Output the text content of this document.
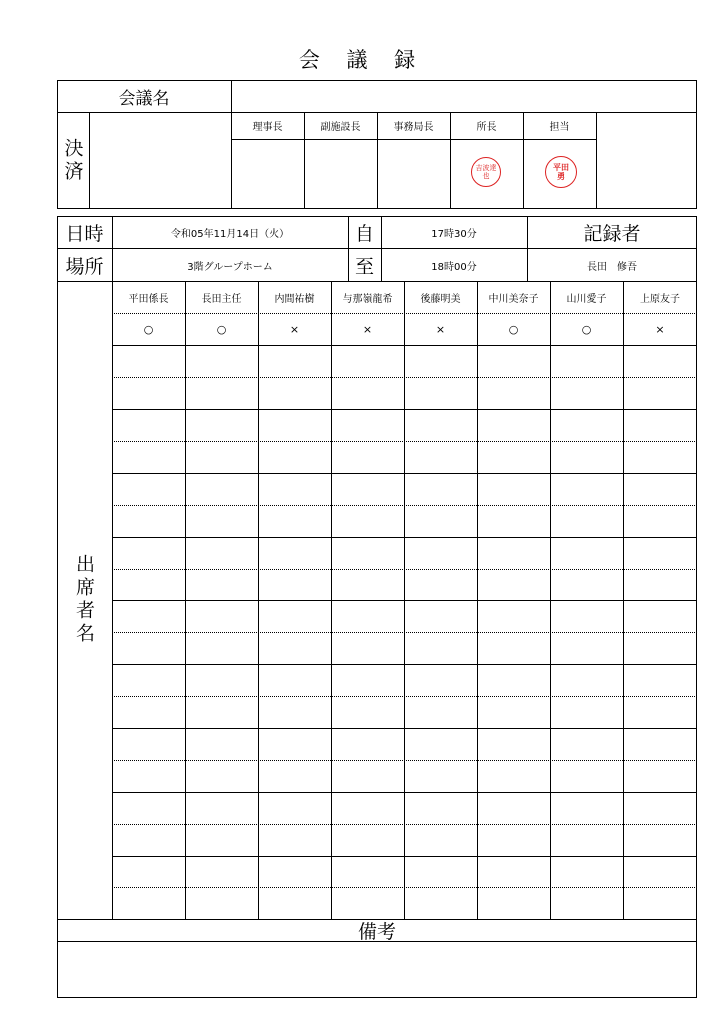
会 議 録
会議名
決済
理事長	副施設長	事務局長	所長	担当
吉波達也
平田勇
日時	令和05年11月14日（火）	自	17時30分	記録者
場所	3階グループホーム	至	18時00分	長田　修吾
出席者名
平田係長	長田主任	内間祐樹	与那嶺龍希	後藤明美	中川美奈子	山川愛子	上原友子
○	○	×	×	×	○	○	×
備考
